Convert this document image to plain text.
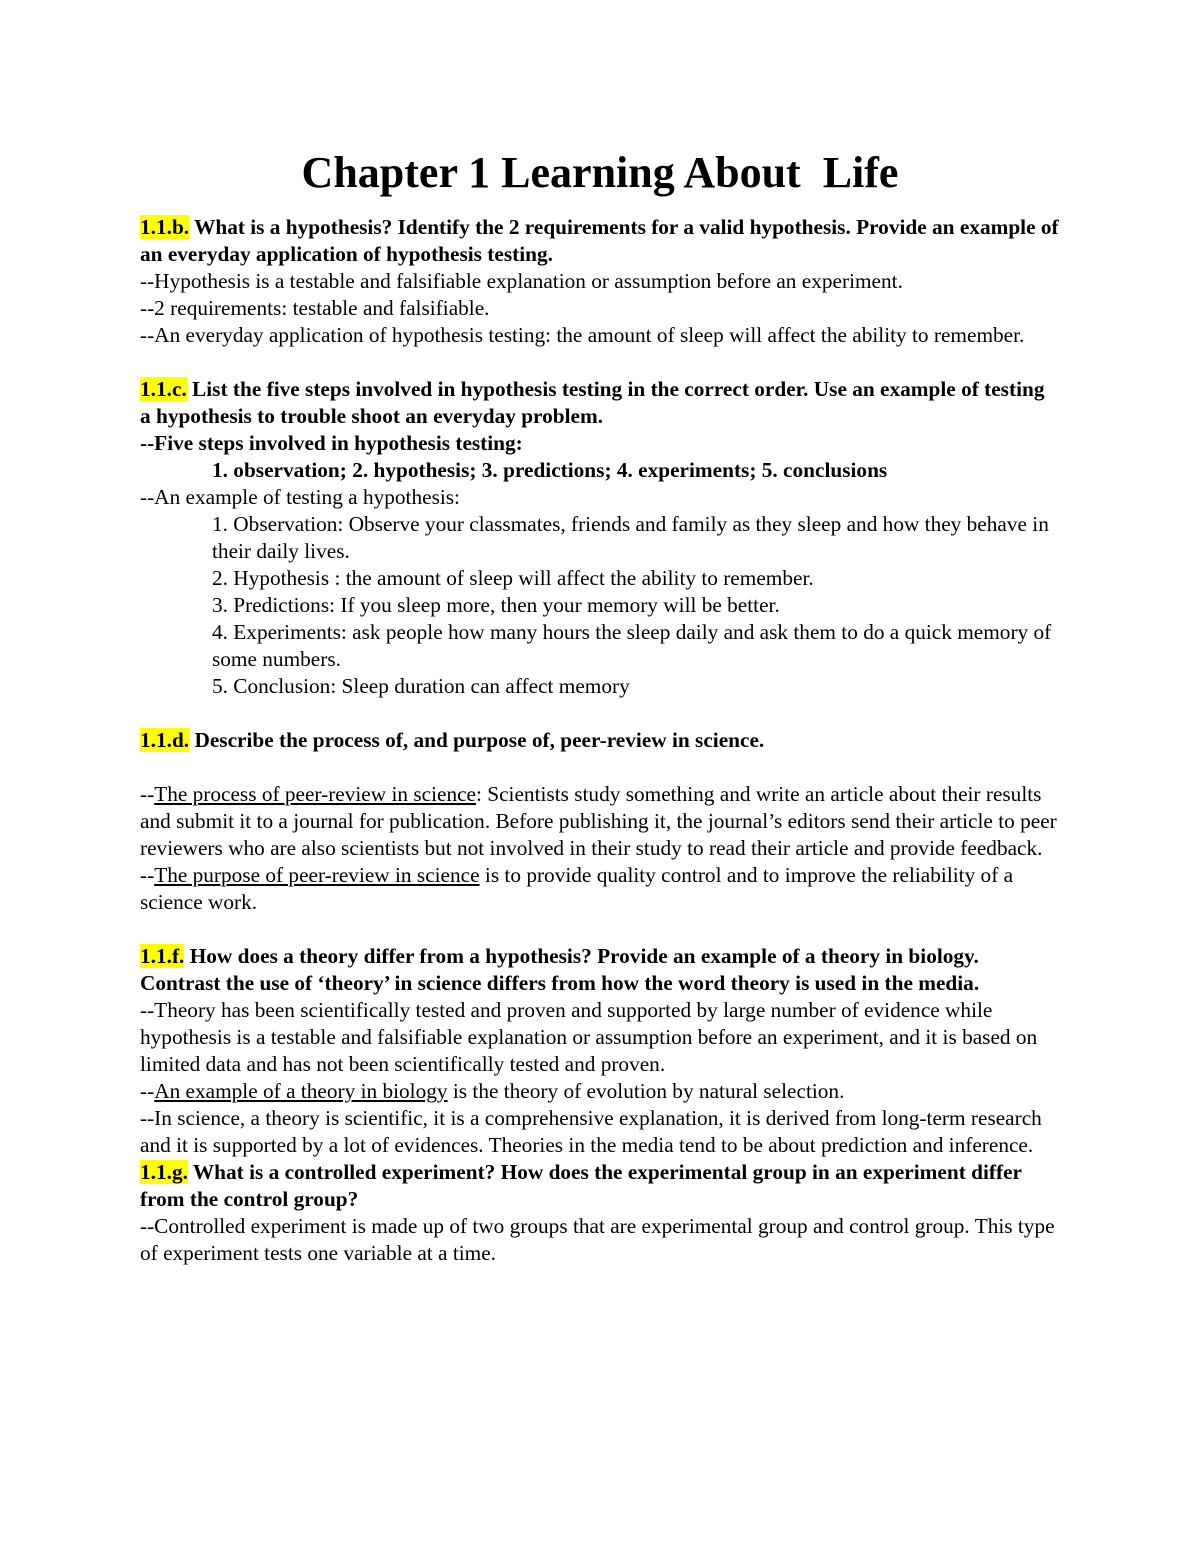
Chapter 1 Learning About  Life

1.1.b. What is a hypothesis? Identify the 2 requirements for a valid hypothesis. Provide an example of an everyday application of hypothesis testing.

--Hypothesis is a testable and falsifiable explanation or assumption before an experiment.

--2 requirements: testable and falsifiable.

--An everyday application of hypothesis testing: the amount of sleep will affect the ability to remember.

1.1.c. List the five steps involved in hypothesis testing in the correct order. Use an example of testing a hypothesis to trouble shoot an everyday problem.

--Five steps involved in hypothesis testing:

1. observation; 2. hypothesis; 3. predictions; 4. experiments; 5. conclusions

--An example of testing a hypothesis:

1. Observation: Observe your classmates, friends and family as they sleep and how they behave in their daily lives.

2. Hypothesis : the amount of sleep will affect the ability to remember.

3. Predictions: If you sleep more, then your memory will be better.

4. Experiments: ask people how many hours the sleep daily and ask them to do a quick memory of some numbers.

5. Conclusion: Sleep duration can affect memory

1.1.d. Describe the process of, and purpose of, peer-review in science.

--The process of peer-review in science: Scientists study something and write an article about their results and submit it to a journal for publication. Before publishing it, the journal’s editors send their article to peer reviewers who are also scientists but not involved in their study to read their article and provide feedback.

--The purpose of peer-review in science is to provide quality control and to improve the reliability of a science work.

1.1.f. How does a theory differ from a hypothesis? Provide an example of a theory in biology. Contrast the use of ‘theory’ in science differs from how the word theory is used in the media.

--Theory has been scientifically tested and proven and supported by large number of evidence while hypothesis is a testable and falsifiable explanation or assumption before an experiment, and it is based on limited data and has not been scientifically tested and proven.

--An example of a theory in biology is the theory of evolution by natural selection.

--In science, a theory is scientific, it is a comprehensive explanation, it is derived from long-term research and it is supported by a lot of evidences. Theories in the media tend to be about prediction and inference.

1.1.g. What is a controlled experiment? How does the experimental group in an experiment differ from the control group?

--Controlled experiment is made up of two groups that are experimental group and control group. This type of experiment tests one variable at a time.
